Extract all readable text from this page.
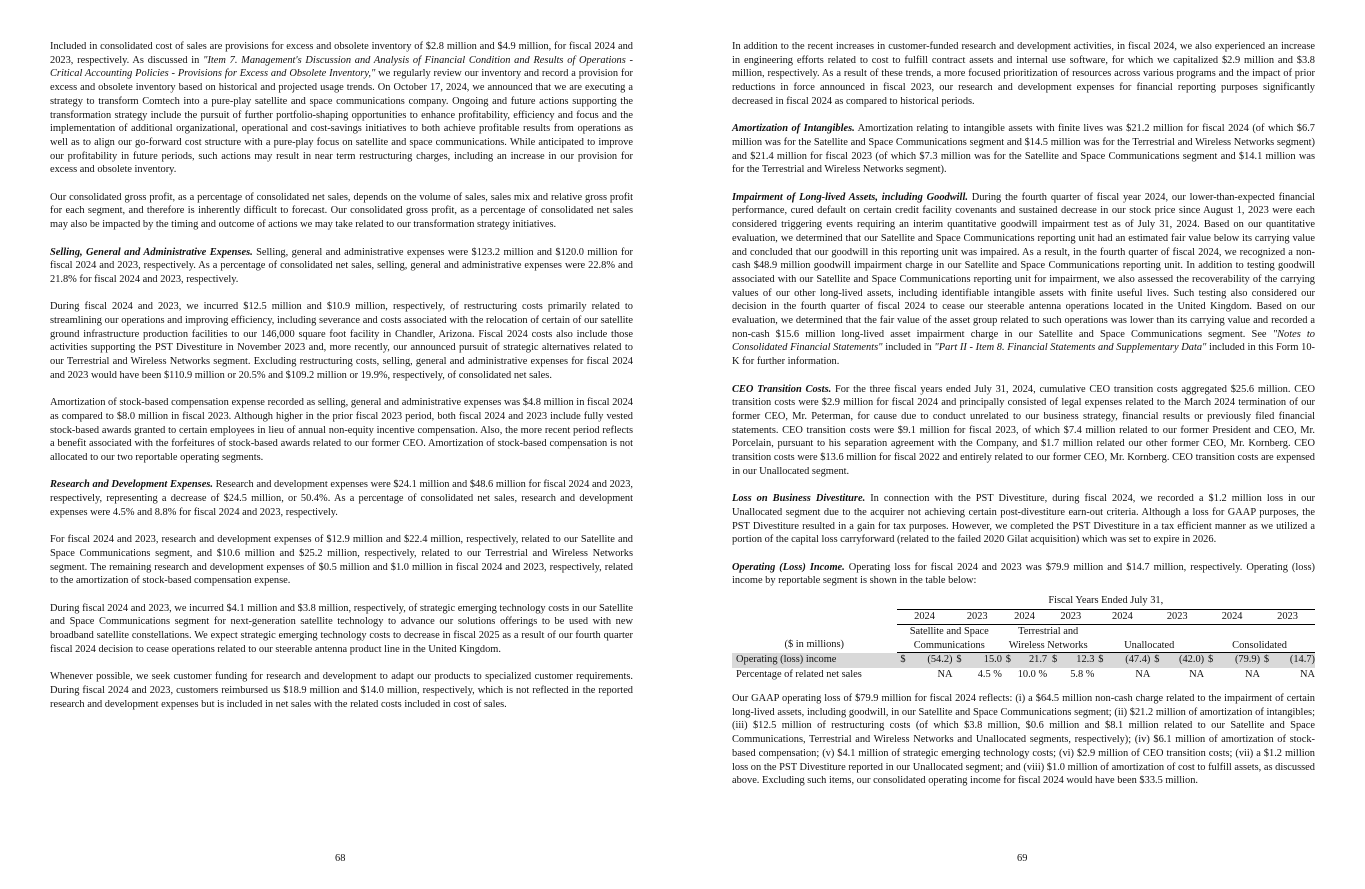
Included in consolidated cost of sales are provisions for excess and obsolete inventory of $2.8 million and $4.9 million, for fiscal 2024 and 2023, respectively. As discussed in "Item 7. Management's Discussion and Analysis of Financial Condition and Results of Operations - Critical Accounting Policies - Provisions for Excess and Obsolete Inventory," we regularly review our inventory and record a provision for excess and obsolete inventory based on historical and projected usage trends. On October 17, 2024, we announced that we are executing a strategy to transform Comtech into a pure-play satellite and space communications company. Ongoing and future actions supporting the transformation strategy include the pursuit of further portfolio-shaping opportunities to enhance profitability, efficiency and focus and the implementation of additional organizational, operational and cost-savings initiatives to both achieve profitable results from operations as well as to align our go-forward cost structure with a pure-play focus on satellite and space communications. While anticipated to improve our profitability in future periods, such actions may result in near term restructuring charges, including an increase in our provision for excess and obsolete inventory.

Our consolidated gross profit, as a percentage of consolidated net sales, depends on the volume of sales, sales mix and relative gross profit for each segment, and therefore is inherently difficult to forecast. Our consolidated gross profit, as a percentage of consolidated net sales may also be impacted by the timing and outcome of actions we may take related to our transformation strategy initiatives.

Selling, General and Administrative Expenses. Selling, general and administrative expenses were $123.2 million and $120.0 million for fiscal 2024 and 2023, respectively. As a percentage of consolidated net sales, selling, general and administrative expenses were 22.8% and 21.8% for fiscal 2024 and 2023, respectively.

During fiscal 2024 and 2023, we incurred $12.5 million and $10.9 million, respectively, of restructuring costs primarily related to streamlining our operations and improving efficiency, including severance and costs associated with the relocation of certain of our satellite ground infrastructure production facilities to our 146,000 square foot facility in Chandler, Arizona. Fiscal 2024 costs also include those activities supporting the PST Divestiture in November 2023 and, more recently, our announced pursuit of strategic alternatives related to our Terrestrial and Wireless Networks segment. Excluding restructuring costs, selling, general and administrative expenses for fiscal 2024 and 2023 would have been $110.9 million or 20.5% and $109.2 million or 19.9%, respectively, of consolidated net sales.

Amortization of stock-based compensation expense recorded as selling, general and administrative expenses was $4.8 million in fiscal 2024 as compared to $8.0 million in fiscal 2023. Although higher in the prior fiscal 2023 period, both fiscal 2024 and 2023 include fully vested stock-based awards granted to certain employees in lieu of annual non-equity incentive compensation. Also, the more recent period reflects a benefit associated with the forfeitures of stock-based awards related to our former CEO. Amortization of stock-based compensation is not allocated to our two reportable operating segments.

Research and Development Expenses. Research and development expenses were $24.1 million and $48.6 million for fiscal 2024 and 2023, respectively, representing a decrease of $24.5 million, or 50.4%. As a percentage of consolidated net sales, research and development expenses were 4.5% and 8.8% for fiscal 2024 and 2023, respectively.

For fiscal 2024 and 2023, research and development expenses of $12.9 million and $22.4 million, respectively, related to our Satellite and Space Communications segment, and $10.6 million and $25.2 million, respectively, related to our Terrestrial and Wireless Networks segment. The remaining research and development expenses of $0.5 million and $1.0 million in fiscal 2024 and 2023, respectively, related to the amortization of stock-based compensation expense.

During fiscal 2024 and 2023, we incurred $4.1 million and $3.8 million, respectively, of strategic emerging technology costs in our Satellite and Space Communications segment for next-generation satellite technology to advance our solutions offerings to be used with new broadband satellite constellations. We expect strategic emerging technology costs to decrease in fiscal 2025 as a result of our fourth quarter fiscal 2024 decision to cease operations related to our steerable antenna product line in the United Kingdom.

Whenever possible, we seek customer funding for research and development to adapt our products to specialized customer requirements. During fiscal 2024 and 2023, customers reimbursed us $18.9 million and $14.0 million, respectively, which is not reflected in the reported research and development expenses but is included in net sales with the related costs included in cost of sales.

68

In addition to the recent increases in customer-funded research and development activities, in fiscal 2024, we also experienced an increase in engineering efforts related to cost to fulfill contract assets and internal use software, for which we capitalized $2.9 million and $3.8 million, respectively. As a result of these trends, a more focused prioritization of resources across various programs and the impact of prior reductions in force announced in fiscal 2023, our research and development expenses for financial reporting purposes significantly decreased in fiscal 2024 as compared to historical periods.

Amortization of Intangibles. Amortization relating to intangible assets with finite lives was $21.2 million for fiscal 2024 (of which $6.7 million was for the Satellite and Space Communications segment and $14.5 million was for the Terrestrial and Wireless Networks segment) and $21.4 million for fiscal 2023 (of which $7.3 million was for the Satellite and Space Communications segment and $14.1 million was for the Terrestrial and Wireless Networks segment).

Impairment of Long-lived Assets, including Goodwill. During the fourth quarter of fiscal year 2024, our lower-than-expected financial performance, cured default on certain credit facility covenants and sustained decrease in our stock price since August 1, 2023 were each considered triggering events requiring an interim quantitative goodwill impairment test as of July 31, 2024. Based on our quantitative evaluation, we determined that our Satellite and Space Communications reporting unit had an estimated fair value below its carrying value and concluded that our goodwill in this reporting unit was impaired. As a result, in the fourth quarter of fiscal 2024, we recognized a non-cash $48.9 million goodwill impairment charge in our Satellite and Space Communications reporting unit. In addition to testing goodwill associated with our Satellite and Space Communications reporting unit for impairment, we also assessed the recoverability of the carrying values of our other long-lived assets, including identifiable intangible assets with finite useful lives. Such testing also considered our decision in the fourth quarter of fiscal 2024 to cease our steerable antenna operations located in the United Kingdom. Based on our evaluation, we determined that the fair value of the asset group related to such operations was lower than its carrying value and recorded a non-cash $15.6 million long-lived asset impairment charge in our Satellite and Space Communications segment. See "Notes to Consolidated Financial Statements" included in "Part II - Item 8. Financial Statements and Supplementary Data" included in this Form 10-K for further information.

CEO Transition Costs. For the three fiscal years ended July 31, 2024, cumulative CEO transition costs aggregated $25.6 million. CEO transition costs were $2.9 million for fiscal 2024 and principally consisted of legal expenses related to the March 2024 termination of our former CEO, Mr. Peterman, for cause due to conduct unrelated to our business strategy, financial results or previously filed financial statements. CEO transition costs were $9.1 million for fiscal 2023, of which $7.4 million related to our former President and CEO, Mr. Porcelain, pursuant to his separation agreement with the Company, and $1.7 million related our other former CEO, Mr. Kornberg. CEO transition costs were $13.6 million for fiscal 2022 and entirely related to our former CEO, Mr. Kornberg. CEO transition costs are expensed in our Unallocated segment.

Loss on Business Divestiture. In connection with the PST Divestiture, during fiscal 2024, we recorded a $1.2 million loss in our Unallocated segment due to the acquirer not achieving certain post-divestiture earn-out criteria. Although a loss for GAAP purposes, the PST Divestiture resulted in a gain for tax purposes. However, we completed the PST Divestiture in a tax efficient manner as we utilized a portion of the capital loss carryforward (related to the failed 2020 Gilat acquisition) which was set to expire in 2026.

Operating (Loss) Income. Operating loss for fiscal 2024 and 2023 was $79.9 million and $14.7 million, respectively. Operating (loss) income by reportable segment is shown in the table below:

	Fiscal Years Ended July 31,															
	2024		2023		2024		2023		2024		2023		2024		2023	
	Satellite and Space				Terrestrial and											
($ in millions)	Communications				Wireless Networks				Unallocated				Consolidated			
Operating (loss) income	$	(54.2)	$	15.0	$	21.7	$	12.3	$	(47.4)	$	(42.0)	$	(79.9)	$	(14.7)
Percentage of related net sales		NA		4.5 %		10.0 %		5.8 %		NA		NA		NA		NA

Our GAAP operating loss of $79.9 million for fiscal 2024 reflects: (i) a $64.5 million non-cash charge related to the impairment of certain long-lived assets, including goodwill, in our Satellite and Space Communications segment; (ii) $21.2 million of amortization of intangibles; (iii) $12.5 million of restructuring costs (of which $3.8 million, $0.6 million and $8.1 million related to our Satellite and Space Communications, Terrestrial and Wireless Networks and Unallocated segments, respectively); (iv) $6.1 million of amortization of stock-based compensation; (v) $4.1 million of strategic emerging technology costs; (vi) $2.9 million of CEO transition costs; (vii) a $1.2 million loss on the PST Divestiture reported in our Unallocated segment; and (viii) $1.0 million of amortization of cost to fulfill assets, as discussed above. Excluding such items, our consolidated operating income for fiscal 2024 would have been $33.5 million.

69
